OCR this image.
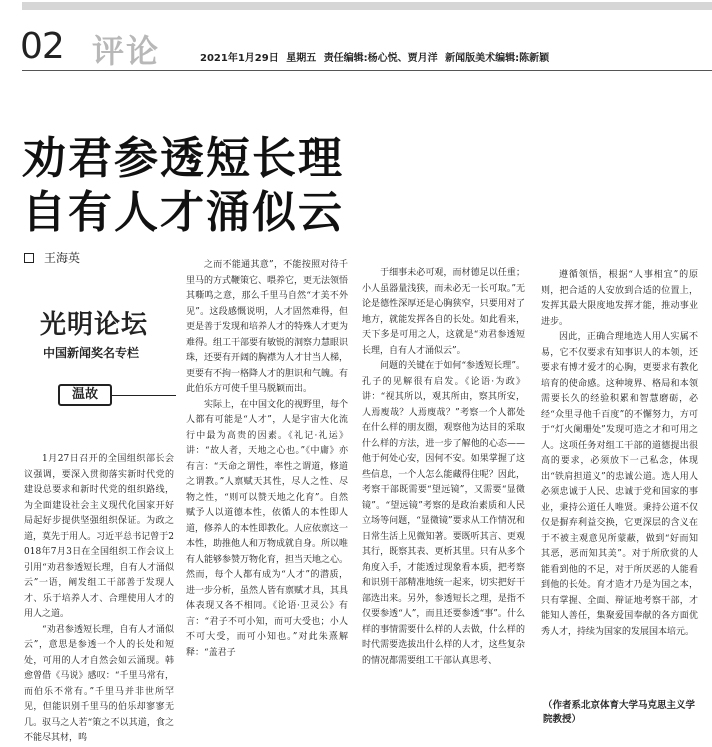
02 评论	2021年1月29日 星期五 责任编辑:杨心悦、贾月洋 新闻版美术编辑:陈新颖
劝君参透短长理
自有人才涌似云
王海英
光明论坛
中国新闻奖名专栏
温故

1月27日召开的全国组织部长会议强调，要深入贯彻落实新时代党的建设总要求和新时代党的组织路线，为全面建设社会主义现代化国家开好局起好步提供坚强组织保证。为政之道，莫先于用人。习近平总书记曾于2018年7月3日在全国组织工作会议上引用“劝君参透短长理，自有人才涌似云”一语，阐发组工干部善于发现人才、乐于培养人才、合理使用人才的用人之道。

“劝君参透短长理，自有人才涌似云”，意思是参透一个人的长处和短处，可用的人才自然会如云涌现。韩愈曾借《马说》感叹：“千里马常有，而伯乐不常有。”千里马并非世所罕见，但能识别千里马的伯乐却寥寥无几。驭马之人若“策之不以其道，食之不能尽其材，鸣

之而不能通其意”，不能按照对待千里马的方式鞭策它、喂养它，更无法领悟其嘶鸣之意，那么千里马自然“才美不外见”。这段感慨说明，人才固然难得，但更是善于发现和培养人才的特殊人才更为难得。组工干部要有敏锐的洞察力慧眼识珠，还要有开阔的胸襟为人才甘当人梯，更要有不拘一格降人才的胆识和气魄。有此伯乐方可使千里马脱颖而出。

实际上，在中国文化的视野里，每个人都有可能是“人才”，人是宇宙大化流行中最为高贵的因素。《礼记·礼运》讲：“故人者，天地之心也。”《中庸》亦有言：“天命之谓性，率性之谓道，修道之谓教。”人禀赋天其性，尽人之性、尽物之性，“则可以赞天地之化育”。自然赋予人以道德本性，依循人的本性即人道，修养人的本性即教化。人应依禀这一本性，助推他人和万物成就自身。所以唯有人能够参赞万物化育，担当天地之心。然而，每个人都有成为“人才”的潜质，进一步分析，虽然人皆有禀赋才具，其具体表现又各不相同。《论语·卫灵公》有言：“君子不可小知，而可大受也；小人不可大受，而可小知也。”对此朱熹解释：“盖君子

于细事未必可观，而材德足以任重；小人虽器量浅狭，而未必无一长可取。”无论是德性深厚还是心胸狭窄，只要用对了地方，就能发挥各自的长处。如此看来，天下多是可用之人，这就是“劝君参透短长理，自有人才涌似云”。

问题的关键在于如何“参透短长理”。孔子的见解很有启发。《论语·为政》讲：“视其所以，观其所由，察其所安，人焉廋哉？人焉廋哉？”考察一个人都处在什么样的朋友圈，观察他为达目的采取什么样的方法，进一步了解他的心态——他于何处心安，因何不安。如果掌握了这些信息，一个人怎么能藏得住呢？因此，考察干部既需要“望远镜”，又需要“显微镜”。“望远镜”考察的是政治素质和人民立场等问题，“显微镜”要求从工作情况和日常生活上见微知著。要既听其言、更观其行，既察其表、更析其里。只有从多个角度入手，才能透过现象看本质，把考察和识别干部精准地统一起来，切实把好干部选出来。另外，参透短长之理，是指不仅要参透“人”，而且还要参透“事”。什么样的事情需要什么样的人去做，什么样的时代需要选拔出什么样的人才，这些复杂的情况都需要组工干部认真思考、

遵循领悟，根据“人事相宜”的原则，把合适的人安放到合适的位置上，发挥其最大限度地发挥才能，推动事业进步。

因此，正确合理地选人用人实属不易，它不仅要求有知事识人的本领，还要求有博才爱才的心胸，更要求有教化培育的使命感。这种境界、格局和本领需要长久的经验积累和智慧磨砺，必经“众里寻他千百度”的不懈努力，方可于“灯火阑珊处”发现可造之才和可用之人。这项任务对组工干部的道德提出很高的要求，必须放下一己私念，体现出“铁肩担道义”的忠诚公道。选人用人必须忠诚于人民、忠诚于党和国家的事业，秉持公道任人唯贤。秉持公道不仅仅是摒弃利益交换，它更深层的含义在于不被主观意见所蒙蔽，做到“好而知其恶，恶而知其美”。对于所欣赏的人能看到他的不足，对于所厌恶的人能看到他的长处。育才造才乃是为国之本，只有掌握、全面、辩证地考察干部，才能知人善任，集聚爱国奉献的各方面优秀人才，持续为国家的发展国本培元。

（作者系北京体育大学马克思主义学院教授）
